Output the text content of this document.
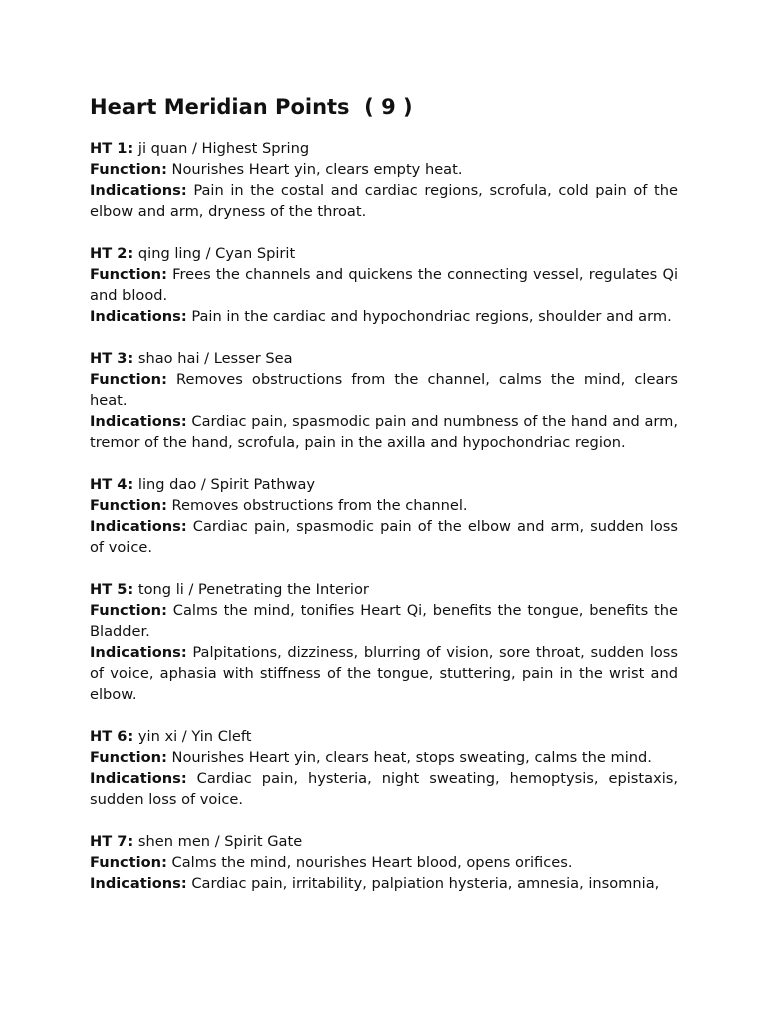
Heart Meridian Points  ( 9 )
HT 1: ji quan / Highest Spring
Function: Nourishes Heart yin, clears empty heat.
Indications: Pain in the costal and cardiac regions, scrofula, cold pain of the elbow and arm, dryness of the throat.
HT 2: qing ling / Cyan Spirit
Function: Frees the channels and quickens the connecting vessel, regulates Qi and blood.
Indications: Pain in the cardiac and hypochondriac regions, shoulder and arm.
HT 3: shao hai / Lesser Sea
Function: Removes obstructions from the channel, calms the mind, clears heat.
Indications: Cardiac pain, spasmodic pain and numbness of the hand and arm, tremor of the hand, scrofula, pain in the axilla and hypochondriac region.
HT 4: ling dao / Spirit Pathway
Function: Removes obstructions from the channel.
Indications: Cardiac pain, spasmodic pain of the elbow and arm, sudden loss of voice.
HT 5: tong li / Penetrating the Interior
Function: Calms the mind, tonifies Heart Qi, benefits the tongue, benefits the Bladder.
Indications: Palpitations, dizziness, blurring of vision, sore throat, sudden loss of voice, aphasia with stiffness of the tongue, stuttering, pain in the wrist and elbow.
HT 6: yin xi / Yin Cleft
Function: Nourishes Heart yin, clears heat, stops sweating, calms the mind.
Indications: Cardiac pain, hysteria, night sweating, hemoptysis, epistaxis, sudden loss of voice.
HT 7: shen men / Spirit Gate
Function: Calms the mind, nourishes Heart blood, opens orifices.
Indications: Cardiac pain, irritability, palpiation hysteria, amnesia, insomnia,
